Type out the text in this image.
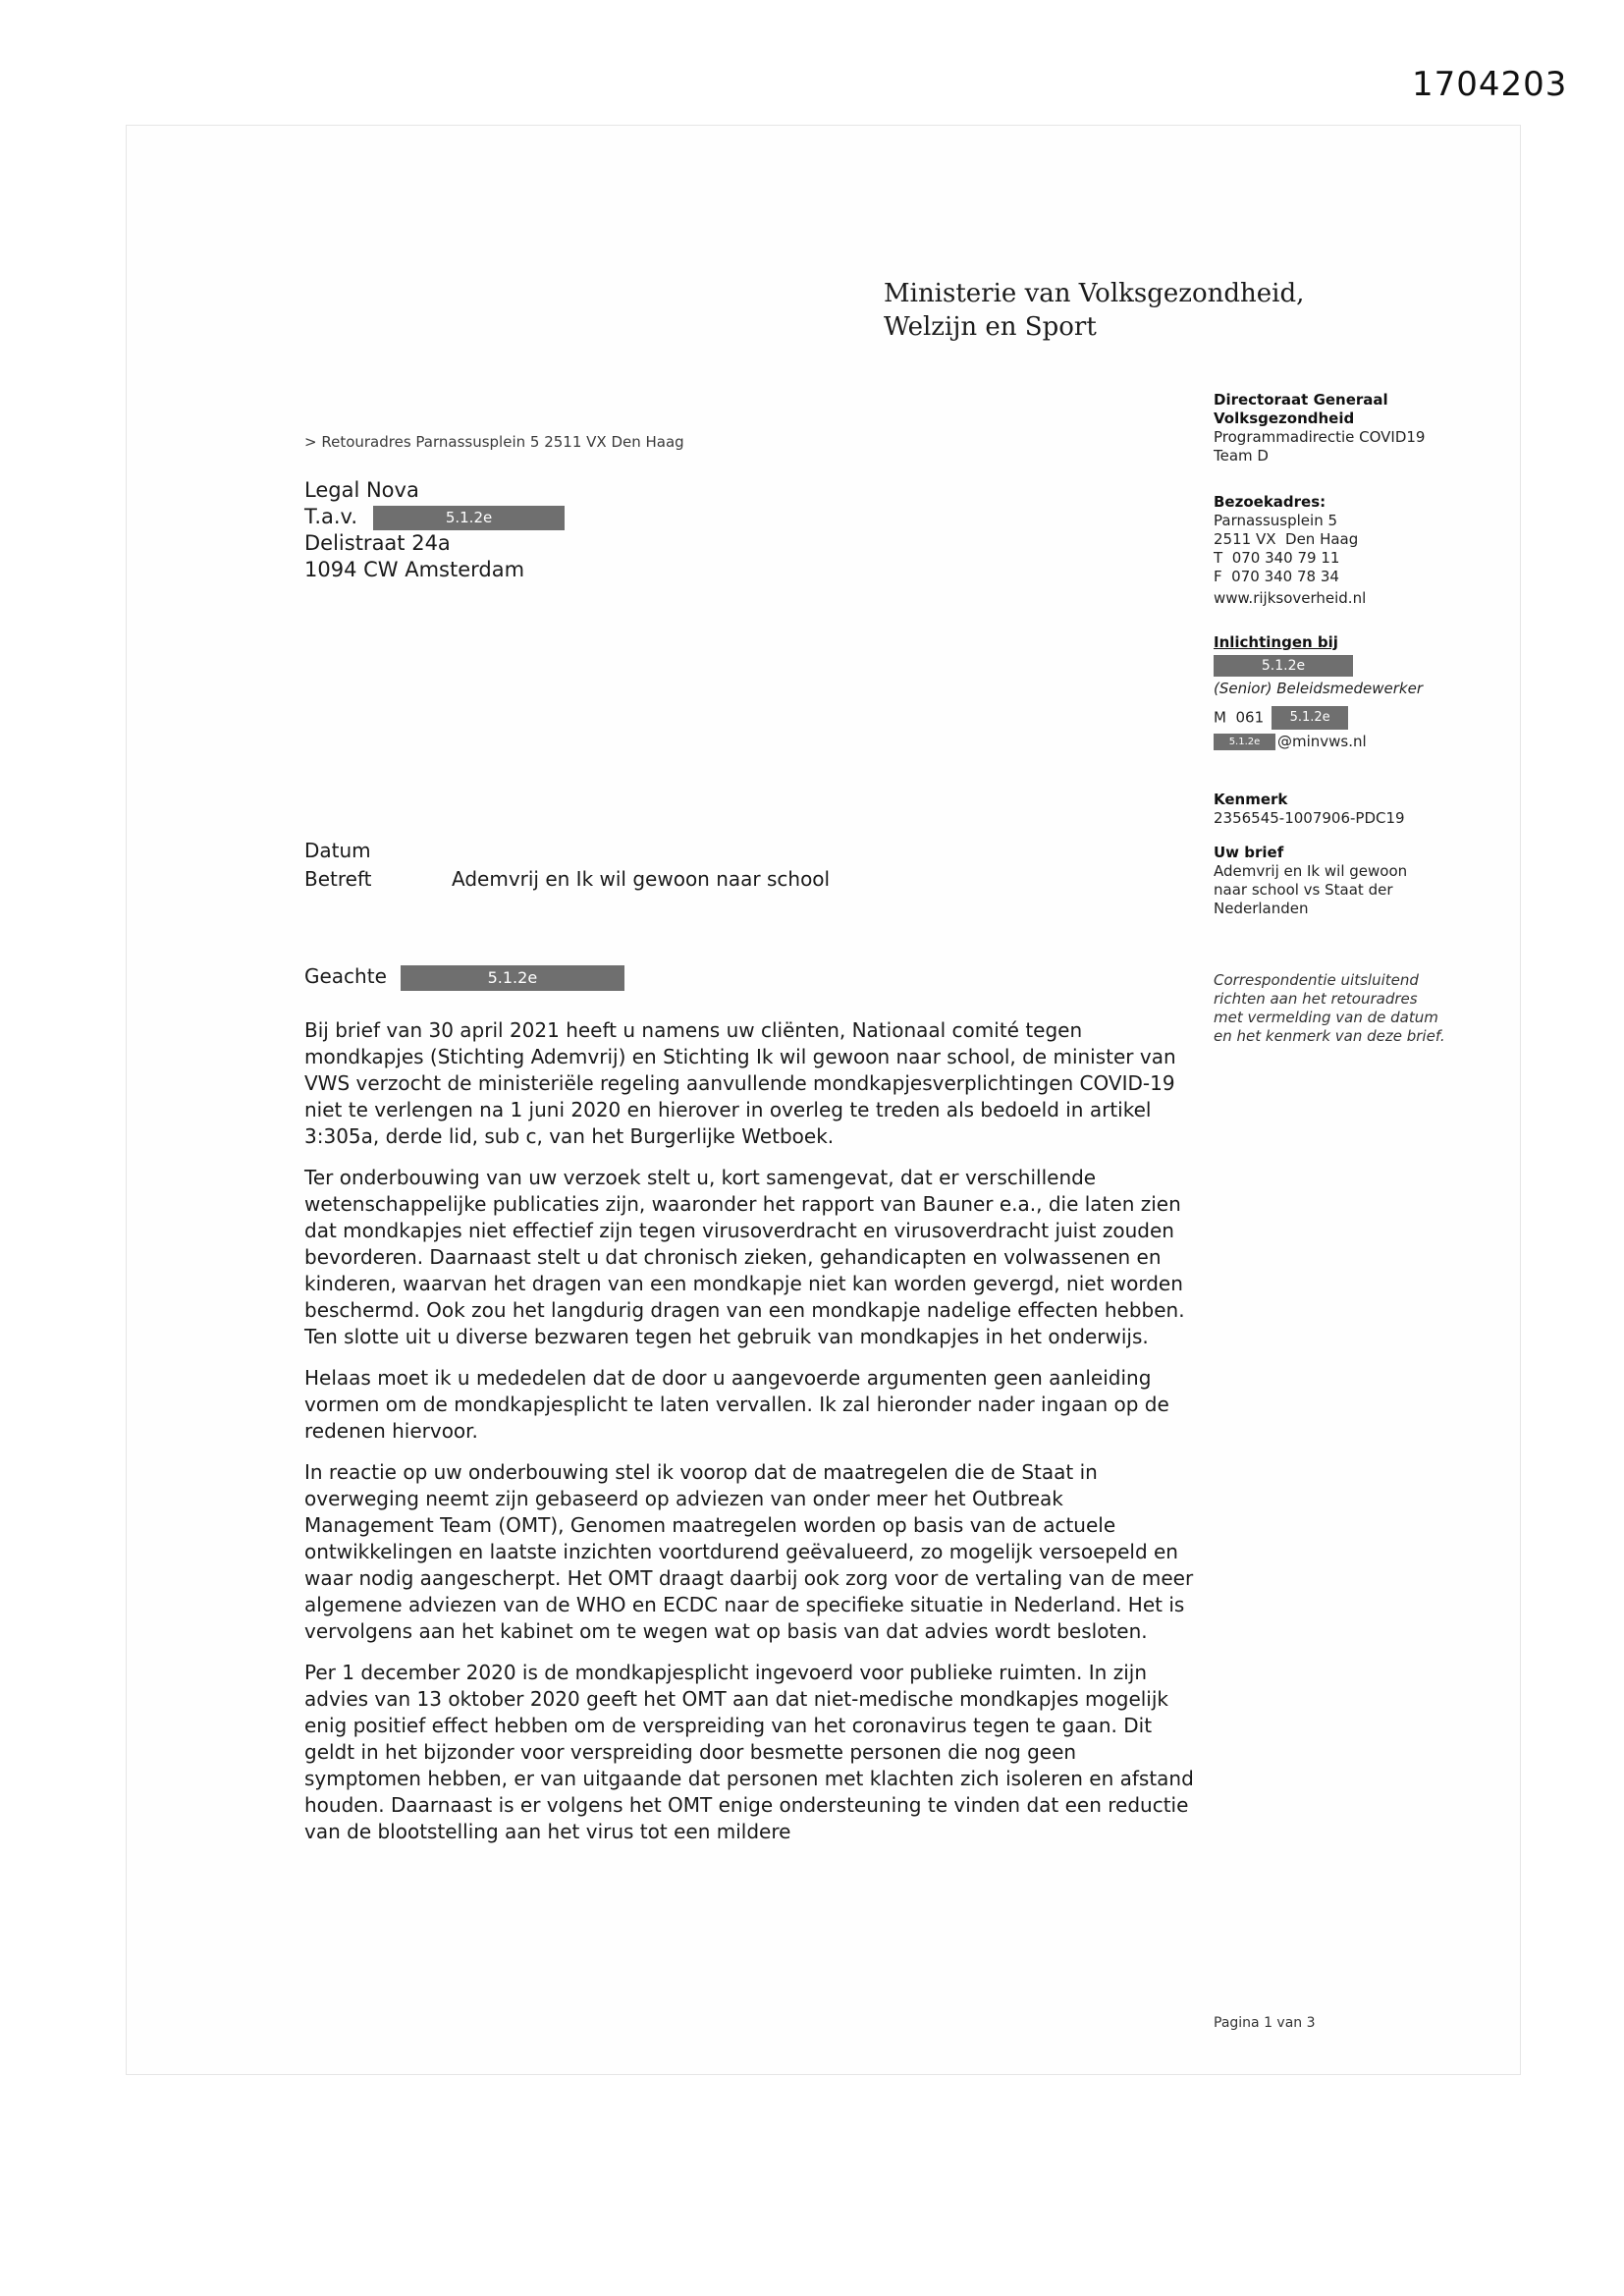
1704203
Ministerie van Volksgezondheid,
Welzijn en Sport
> Retouradres Parnassusplein 5 2511 VX Den Haag
Legal Nova
T.a.v.	5.1.2e
Delistraat 24a
1094 CW Amsterdam
Directoraat Generaal
Volksgezondheid
Programmadirectie COVID19
Team D
Bezoekadres:
Parnassusplein 5
2511 VX  Den Haag
T  070 340 79 11
F  070 340 78 34
www.rijksoverheid.nl
Inlichtingen bij
5.1.2e
(Senior) Beleidsmedewerker
M  061 5.1.2e
5.1.2e @minvws.nl
Kenmerk
2356545-1007906-PDC19
Uw brief
Ademvrij en Ik wil gewoon
naar school vs Staat der
Nederlanden
Correspondentie uitsluitend richten aan het retouradres met vermelding van de datum en het kenmerk van deze brief.
Datum
Betreft	Ademvrij en Ik wil gewoon naar school
Geachte	5.1.2e

Bij brief van 30 april 2021 heeft u namens uw cliënten, Nationaal comité tegen mondkapjes (Stichting Ademvrij) en Stichting Ik wil gewoon naar school, de minister van VWS verzocht de ministeriële regeling aanvullende mondkapjesverplichtingen COVID-19 niet te verlengen na 1 juni 2020 en hierover in overleg te treden als bedoeld in artikel 3:305a, derde lid, sub c, van het Burgerlijke Wetboek.

Ter onderbouwing van uw verzoek stelt u, kort samengevat, dat er verschillende wetenschappelijke publicaties zijn, waaronder het rapport van Bauner e.a., die laten zien dat mondkapjes niet effectief zijn tegen virusoverdracht en virusoverdracht juist zouden bevorderen. Daarnaast stelt u dat chronisch zieken, gehandicapten en volwassenen en kinderen, waarvan het dragen van een mondkapje niet kan worden gevergd, niet worden beschermd. Ook zou het langdurig dragen van een mondkapje nadelige effecten hebben. Ten slotte uit u diverse bezwaren tegen het gebruik van mondkapjes in het onderwijs.

Helaas moet ik u mededelen dat de door u aangevoerde argumenten geen aanleiding vormen om de mondkapjesplicht te laten vervallen. Ik zal hieronder nader ingaan op de redenen hiervoor.

In reactie op uw onderbouwing stel ik voorop dat de maatregelen die de Staat in overweging neemt zijn gebaseerd op adviezen van onder meer het Outbreak Management Team (OMT), Genomen maatregelen worden op basis van de actuele ontwikkelingen en laatste inzichten voortdurend geëvalueerd, zo mogelijk versoepeld en waar nodig aangescherpt. Het OMT draagt daarbij ook zorg voor de vertaling van de meer algemene adviezen van de WHO en ECDC naar de specifieke situatie in Nederland. Het is vervolgens aan het kabinet om te wegen wat op basis van dat advies wordt besloten.

Per 1 december 2020 is de mondkapjesplicht ingevoerd voor publieke ruimten. In zijn advies van 13 oktober 2020 geeft het OMT aan dat niet-medische mondkapjes mogelijk enig positief effect hebben om de verspreiding van het coronavirus tegen te gaan. Dit geldt in het bijzonder voor verspreiding door besmette personen die nog geen symptomen hebben, er van uitgaande dat personen met klachten zich isoleren en afstand houden. Daarnaast is er volgens het OMT enige ondersteuning te vinden dat een reductie van de blootstelling aan het virus tot een mildere

Pagina 1 van 3
